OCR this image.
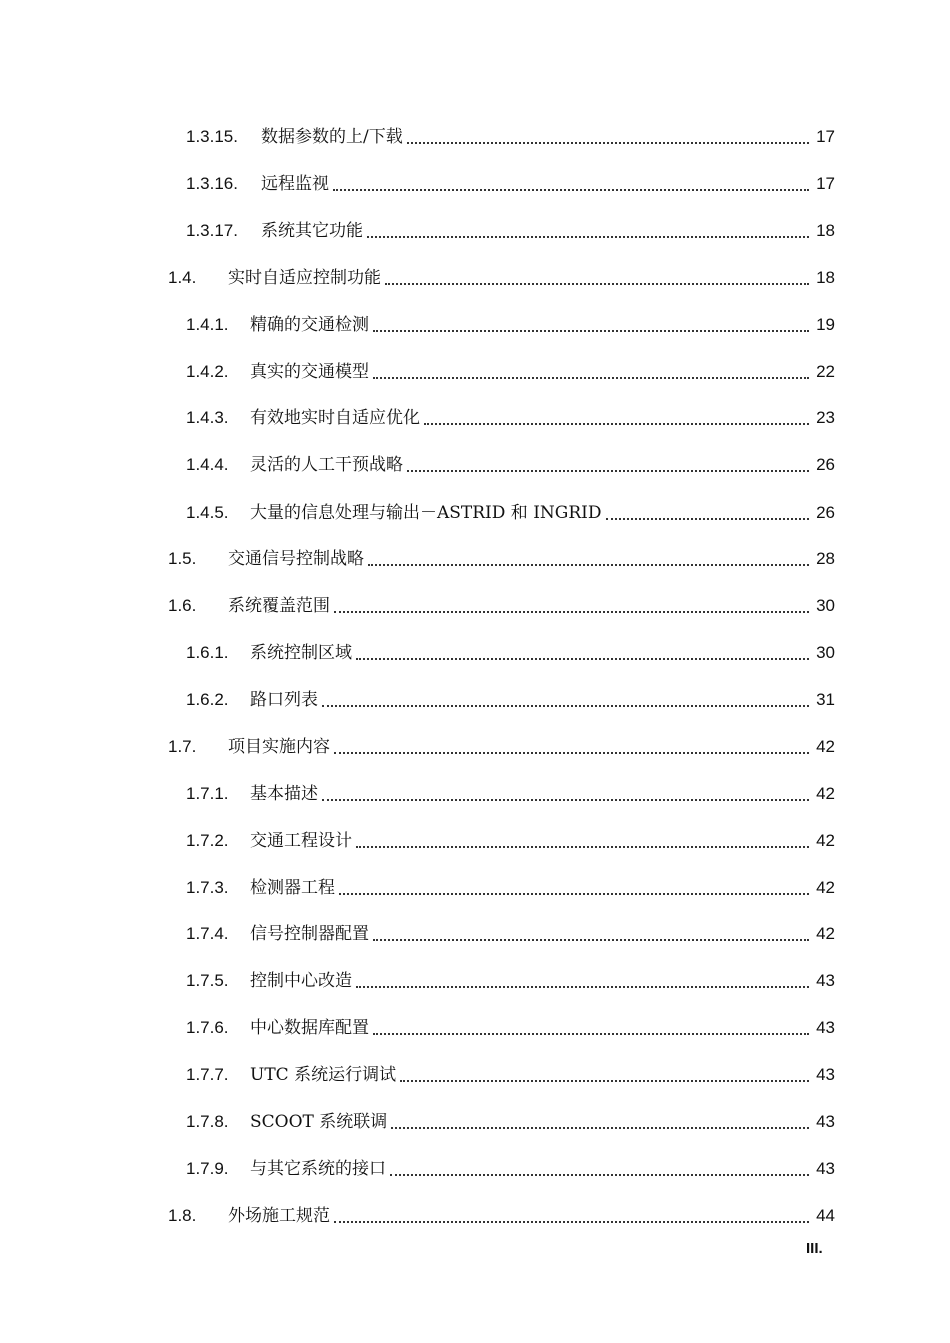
1.3.15.	数据参数的上/下载	17
1.3.16.	远程监视	17
1.3.17.	系统其它功能	18
1.4.	实时自适应控制功能	18
1.4.1.	精确的交通检测	19
1.4.2.	真实的交通模型	22
1.4.3.	有效地实时自适应优化	23
1.4.4.	灵活的人工干预战略	26
1.4.5.	大量的信息处理与输出－ASTRID 和 INGRID	26
1.5.	交通信号控制战略	28
1.6.	系统覆盖范围	30
1.6.1.	系统控制区域	30
1.6.2.	路口列表	31
1.7.	项目实施内容	42
1.7.1.	基本描述	42
1.7.2.	交通工程设计	42
1.7.3.	检测器工程	42
1.7.4.	信号控制器配置	42
1.7.5.	控制中心改造	43
1.7.6.	中心数据库配置	43
1.7.7.	UTC 系统运行调试	43
1.7.8.	SCOOT 系统联调	43
1.7.9.	与其它系统的接口	43
1.8.	外场施工规范	44
III.
